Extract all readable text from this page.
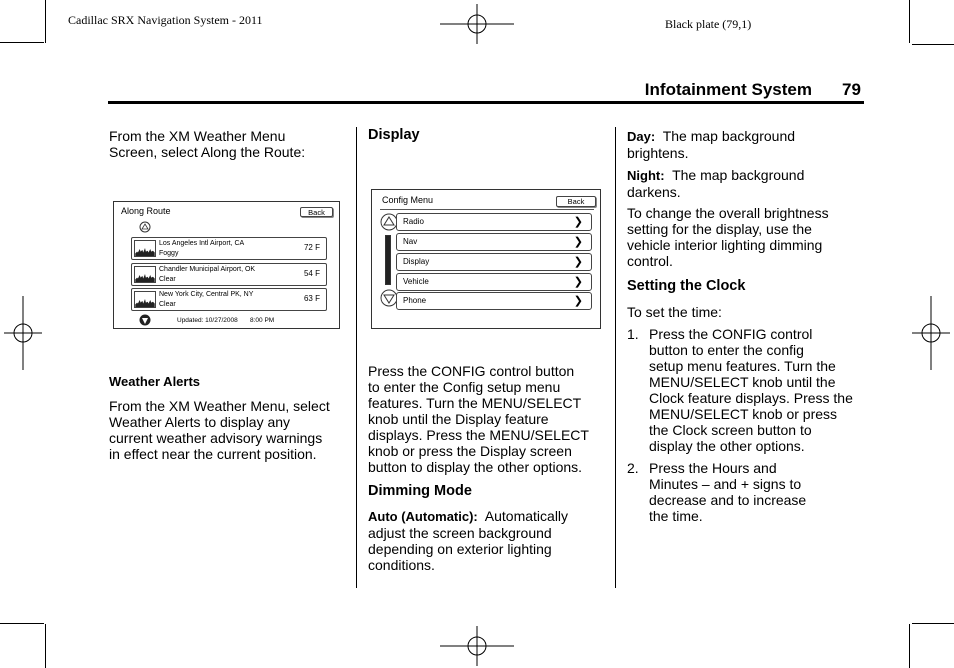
Cadillac SRX Navigation System - 2011	Black plate (79,1)
Infotainment System 79
From the XM Weather Menu
Screen, select Along the Route:
Along Route	Back
Los Angeles Intl Airport, CA
Foggy
72 F
Chandler Municipal Airport, OK
Clear
54 F
New York City, Central PK, NY
Clear
63 F
Updated: 10/27/2008 8:00 PM
Weather Alerts
From the XM Weather Menu, select
Weather Alerts to display any
current weather advisory warnings
in effect near the current position.
Display
Config Menu	Back
Radio	❯
Nav	❯
Display	❯
Vehicle	❯
Phone	❯
Press the CONFIG control button
to enter the Config setup menu
features. Turn the MENU/SELECT
knob until the Display feature
displays. Press the MENU/SELECT
knob or press the Display screen
button to display the other options.
Dimming Mode
Auto (Automatic): Automatically
adjust the screen background
depending on exterior lighting
conditions.
Day: The map background
brightens.
Night: The map background
darkens.
To change the overall brightness
setting for the display, use the
vehicle interior lighting dimming
control.
Setting the Clock
To set the time:
1. Press the CONFIG control
button to enter the config
setup menu features. Turn the
MENU/SELECT knob until the
Clock feature displays. Press the
MENU/SELECT knob or press
the Clock screen button to
display the other options.
2. Press the Hours and
Minutes – and + signs to
decrease and to increase
the time.
